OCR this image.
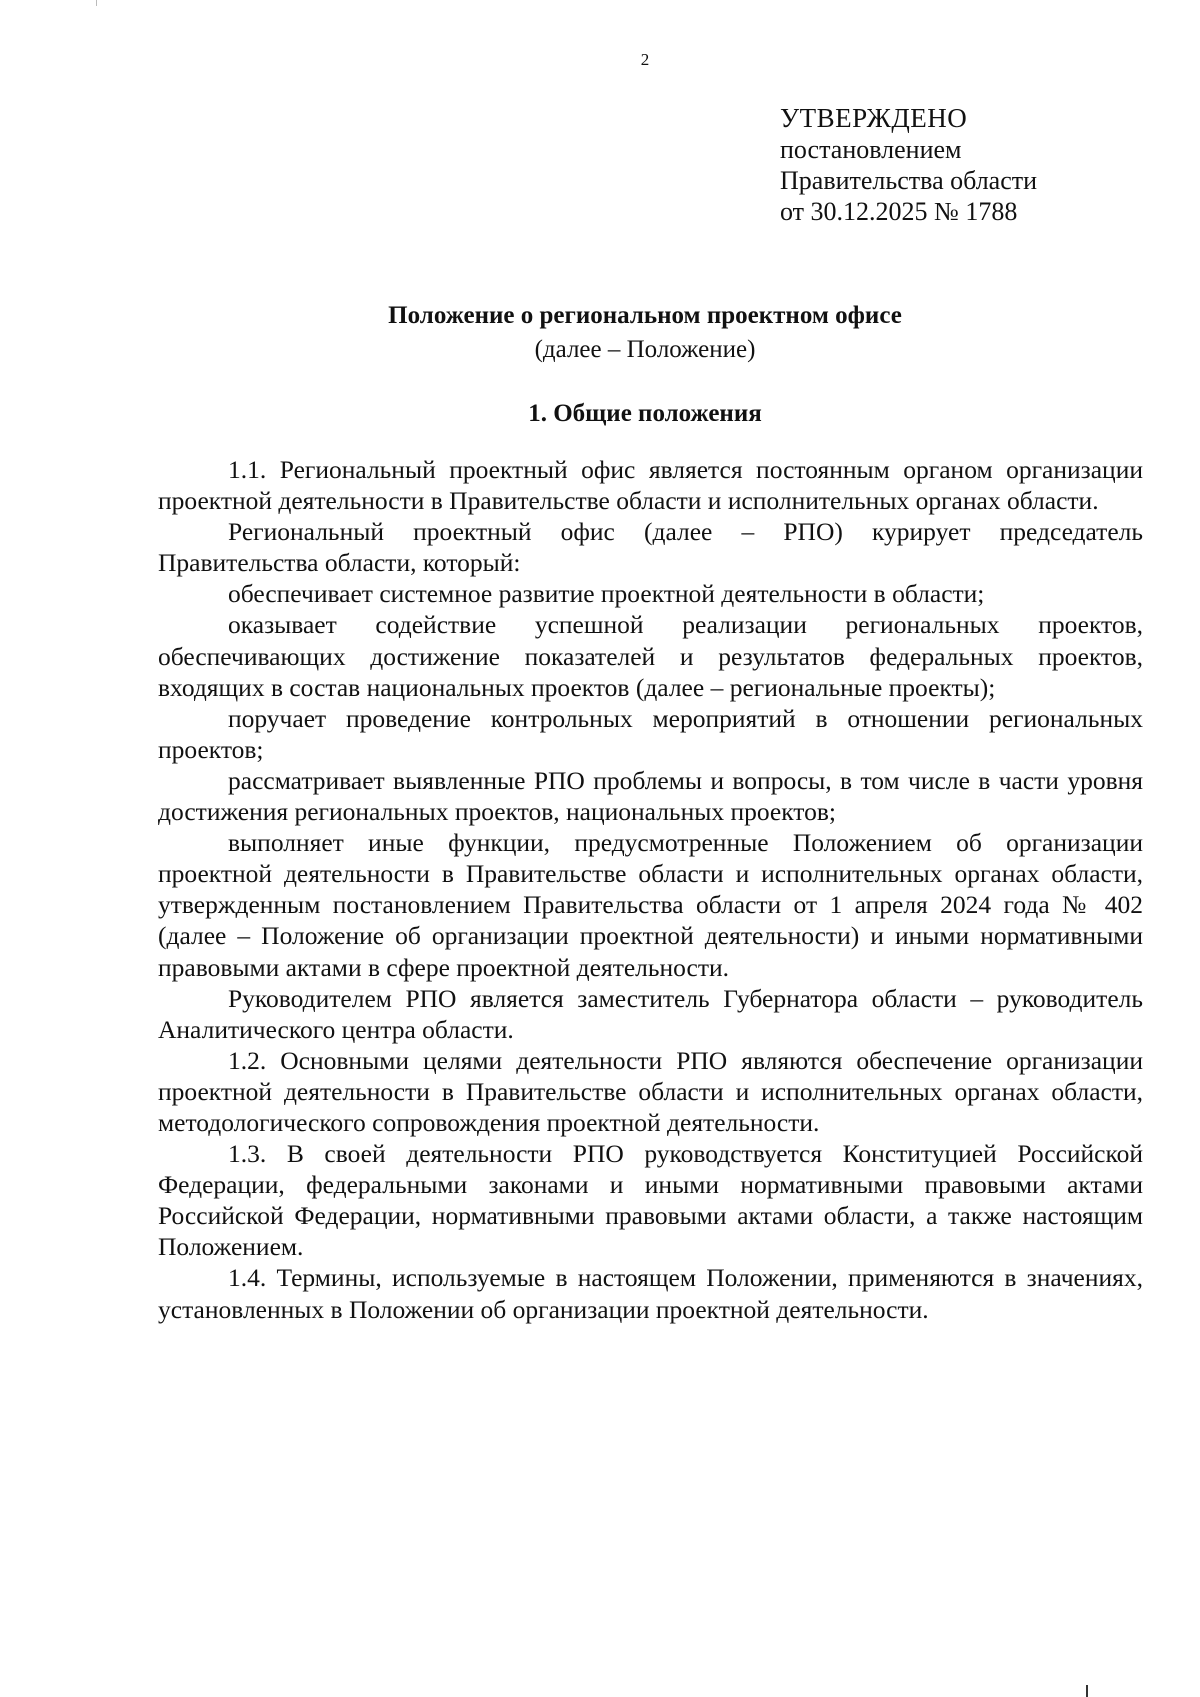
2
УТВЕРЖДЕНО
постановлением
Правительства области
от 30.12.2025 № 1788
Положение о региональном проектном офисе
(далее – Положение)
1. Общие положения

1.1. Региональный проектный офис является постоянным органом организации проектной деятельности в Правительстве области и исполнительных органах области.

Региональный проектный офис (далее – РПО) курирует председатель Правительства области, который:

обеспечивает системное развитие проектной деятельности в области;

оказывает содействие успешной реализации региональных проектов, обеспечивающих достижение показателей и результатов федеральных проектов, входящих в состав национальных проектов (далее – региональные проекты);

поручает проведение контрольных мероприятий в отношении региональных проектов;

рассматривает выявленные РПО проблемы и вопросы, в том числе в части уровня достижения региональных проектов, национальных проектов;

выполняет иные функции, предусмотренные Положением об организации проектной деятельности в Правительстве области и исполнительных органах области, утвержденным постановлением Правительства области от 1 апреля 2024 года № 402 (далее – Положение об организации проектной деятельности) и иными нормативными правовыми актами в сфере проектной деятельности.

Руководителем РПО является заместитель Губернатора области – руководитель Аналитического центра области.

1.2. Основными целями деятельности РПО являются обеспечение организации проектной деятельности в Правительстве области и исполнительных органах области, методологического сопровождения проектной деятельности.

1.3. В своей деятельности РПО руководствуется Конституцией Российской Федерации, федеральными законами и иными нормативными правовыми актами Российской Федерации, нормативными правовыми актами области, а также настоящим Положением.

1.4. Термины, используемые в настоящем Положении, применяются в значениях, установленных в Положении об организации проектной деятельности.
